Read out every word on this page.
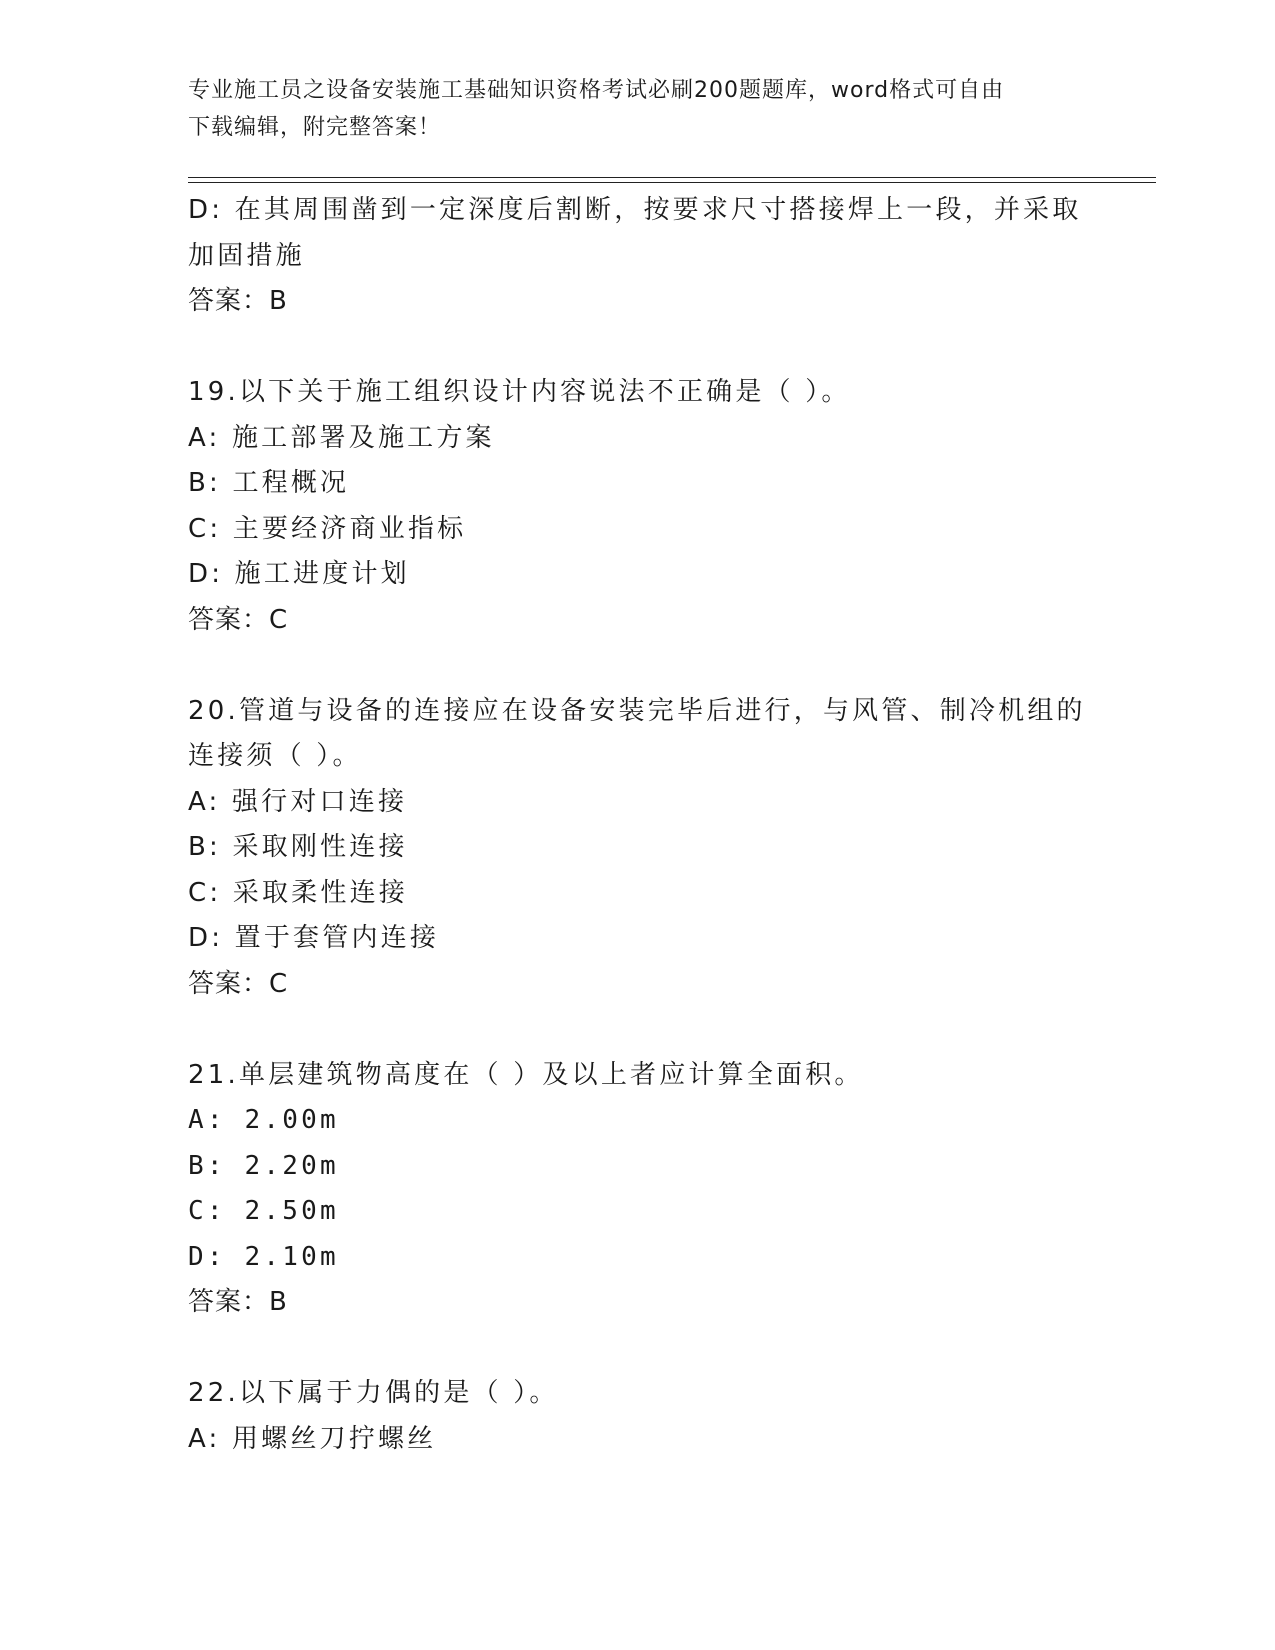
专业施工员之设备安装施工基础知识资格考试必刷200题题库，word格式可自由
下载编辑，附完整答案！
D: 在其周围凿到一定深度后割断，按要求尺寸搭接焊上一段，并采取
加固措施
答案：B
19.以下关于施工组织设计内容说法不正确是（ ）。
A: 施工部署及施工方案
B: 工程概况
C: 主要经济商业指标
D: 施工进度计划
答案：C
20.管道与设备的连接应在设备安装完毕后进行，与风管、制冷机组的
连接须（ ）。
A: 强行对口连接
B: 采取刚性连接
C: 采取柔性连接
D: 置于套管内连接
答案：C
21.单层建筑物高度在（ ）及以上者应计算全面积。
A: 2.00m
B: 2.20m
C: 2.50m
D: 2.10m
答案：B
22.以下属于力偶的是（ ）。
A: 用螺丝刀拧螺丝
